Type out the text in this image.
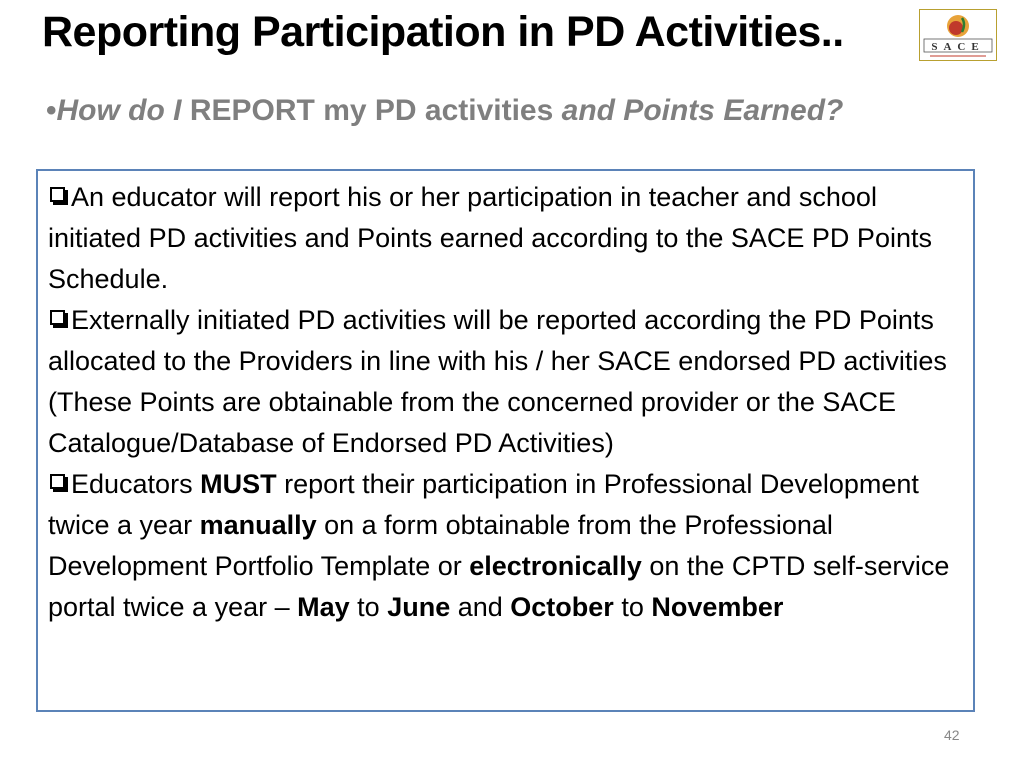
Reporting Participation in PD Activities..	SACE

•How do I REPORT my PD activities and Points Earned?

An educator will report his or her participation in teacher and school initiated PD activities and Points earned according to the SACE PD Points Schedule.

Externally initiated PD activities will be reported according the PD Points allocated to the Providers in line with his / her SACE endorsed PD activities (These Points are obtainable from the concerned provider or the SACE Catalogue/Database of Endorsed PD Activities)

Educators MUST report their participation in Professional Development twice a year manually on a form obtainable from the Professional Development Portfolio Template or electronically on the CPTD self-service portal twice a year – May to June and October to November

42
